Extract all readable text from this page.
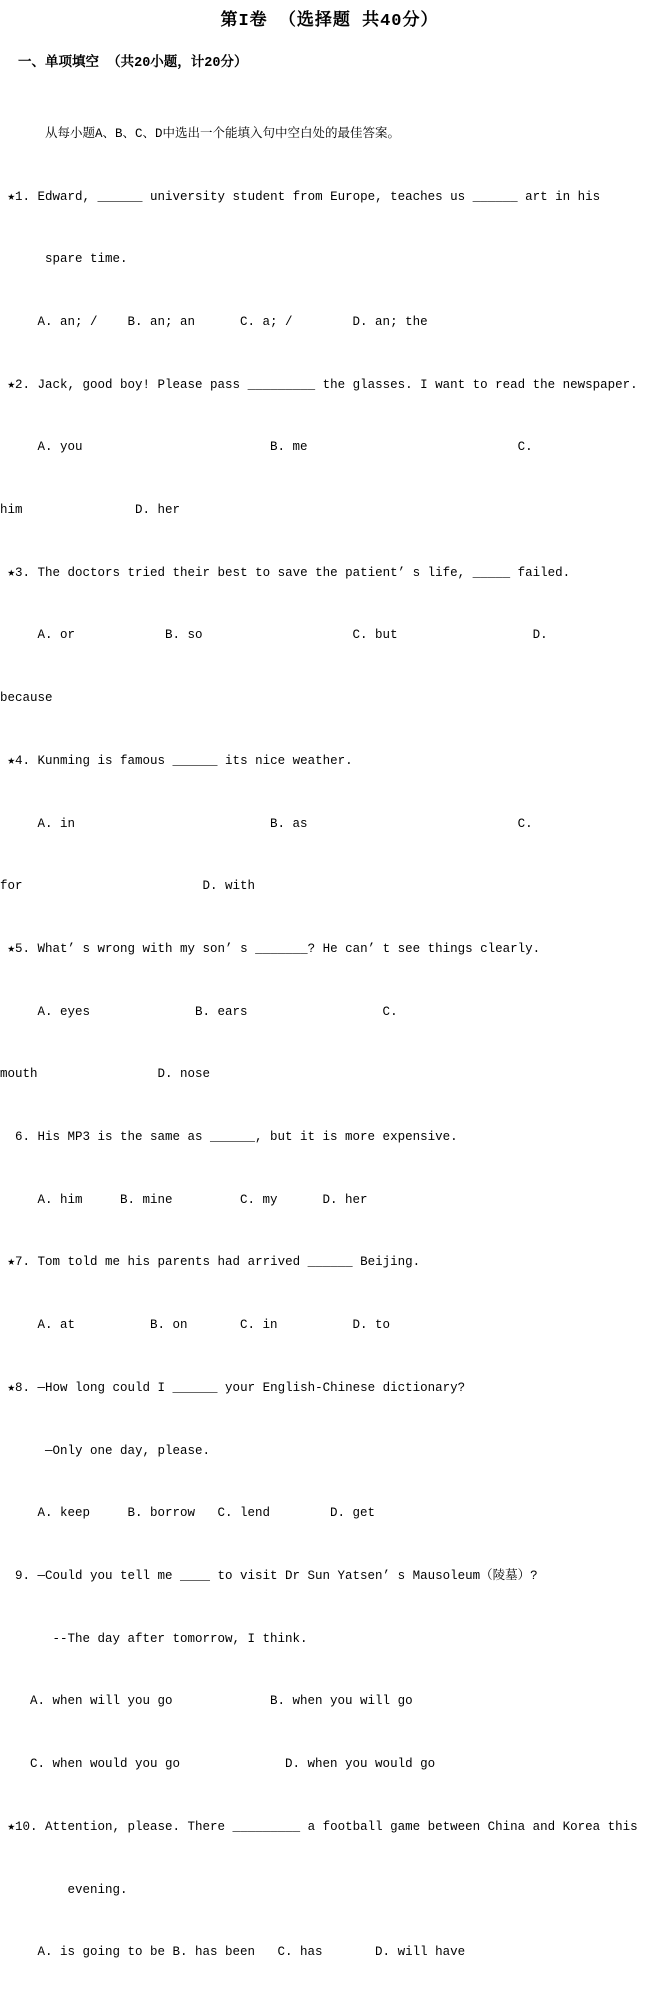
第I卷 （选择题 共40分）
一、单项填空 （共20小题，计20分）

从每小题A、B、C、D中选出一个能填入句中空白处的最佳答案。

★1. Edward, ______ university student from Europe, teaches us ______ art in his

spare time.

A. an; /    B. an; an      C. a; /        D. an; the

★2. Jack, good boy! Please pass _________ the glasses. I want to read the newspaper.

A. you                         B. me                            C.

him               D. her

★3. The doctors tried their best to save the patient’ s life, _____ failed.

A. or            B. so                    C. but                  D.

because

★4. Kunming is famous ______ its nice weather.

A. in                          B. as                            C.

for                        D. with

★5. What’ s wrong with my son’ s _______? He can’ t see things clearly.

A. eyes              B. ears                  C.

mouth                D. nose

6. His MP3 is the same as ______, but it is more expensive.

A. him     B. mine         C. my      D. her

★7. Tom told me his parents had arrived ______ Beijing.

A. at          B. on       C. in          D. to

★8. —How long could I ______ your English-Chinese dictionary?

—Only one day, please.

A. keep     B. borrow   C. lend        D. get

9. —Could you tell me ____ to visit Dr Sun Yatsen’ s Mausoleum（陵墓）?

--The day after tomorrow, I think.

A. when will you go             B. when you will go

C. when would you go              D. when you would go

★10. Attention, please. There _________ a football game between China and Korea this

evening.

A. is going to be B. has been   C. has       D. will have
